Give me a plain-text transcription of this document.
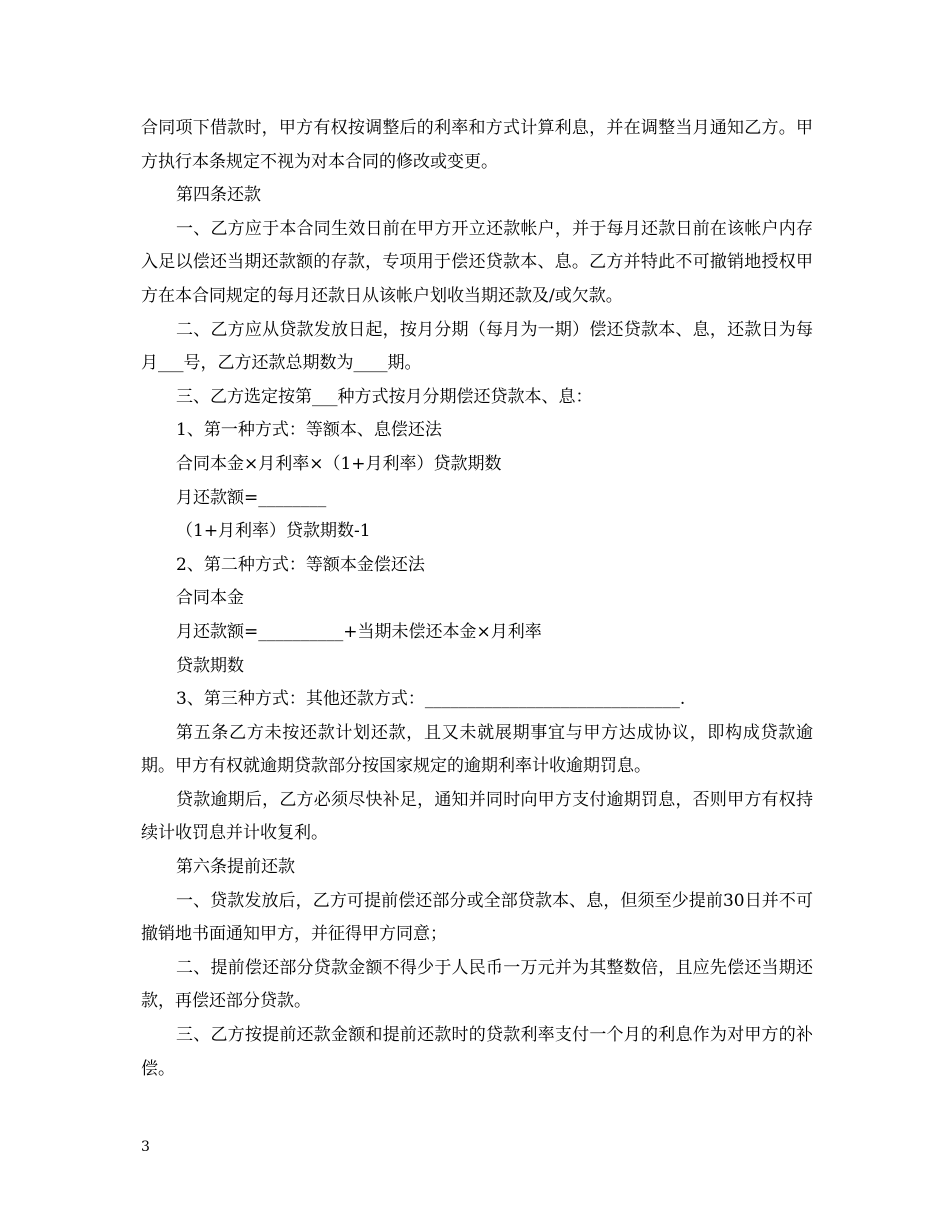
合同项下借款时，甲方有权按调整后的利率和方式计算利息，并在调整当月通知乙方。甲方执行本条规定不视为对本合同的修改或变更。

第四条还款

一、乙方应于本合同生效日前在甲方开立还款帐户，并于每月还款日前在该帐户内存入足以偿还当期还款额的存款，专项用于偿还贷款本、息。乙方并特此不可撤销地授权甲方在本合同规定的每月还款日从该帐户划收当期还款及/或欠款。

二、乙方应从贷款发放日起，按月分期（每月为一期）偿还贷款本、息，还款日为每月___号，乙方还款总期数为____期。

三、乙方选定按第___种方式按月分期偿还贷款本、息：

1、第一种方式：等额本、息偿还法

合同本金×月利率×（1+月利率）贷款期数

月还款额=________

（1+月利率）贷款期数-1

2、第二种方式：等额本金偿还法

合同本金

月还款额=__________+当期未偿还本金×月利率

贷款期数

3、第三种方式：其他还款方式：______________________________.

第五条乙方未按还款计划还款，且又未就展期事宜与甲方达成协议，即构成贷款逾期。甲方有权就逾期贷款部分按国家规定的逾期利率计收逾期罚息。

贷款逾期后，乙方必须尽快补足，通知并同时向甲方支付逾期罚息，否则甲方有权持续计收罚息并计收复利。

第六条提前还款

一、贷款发放后，乙方可提前偿还部分或全部贷款本、息，但须至少提前30日并不可撤销地书面通知甲方，并征得甲方同意；

二、提前偿还部分贷款金额不得少于人民币一万元并为其整数倍，且应先偿还当期还款，再偿还部分贷款。

三、乙方按提前还款金额和提前还款时的贷款利率支付一个月的利息作为对甲方的补偿。

3
